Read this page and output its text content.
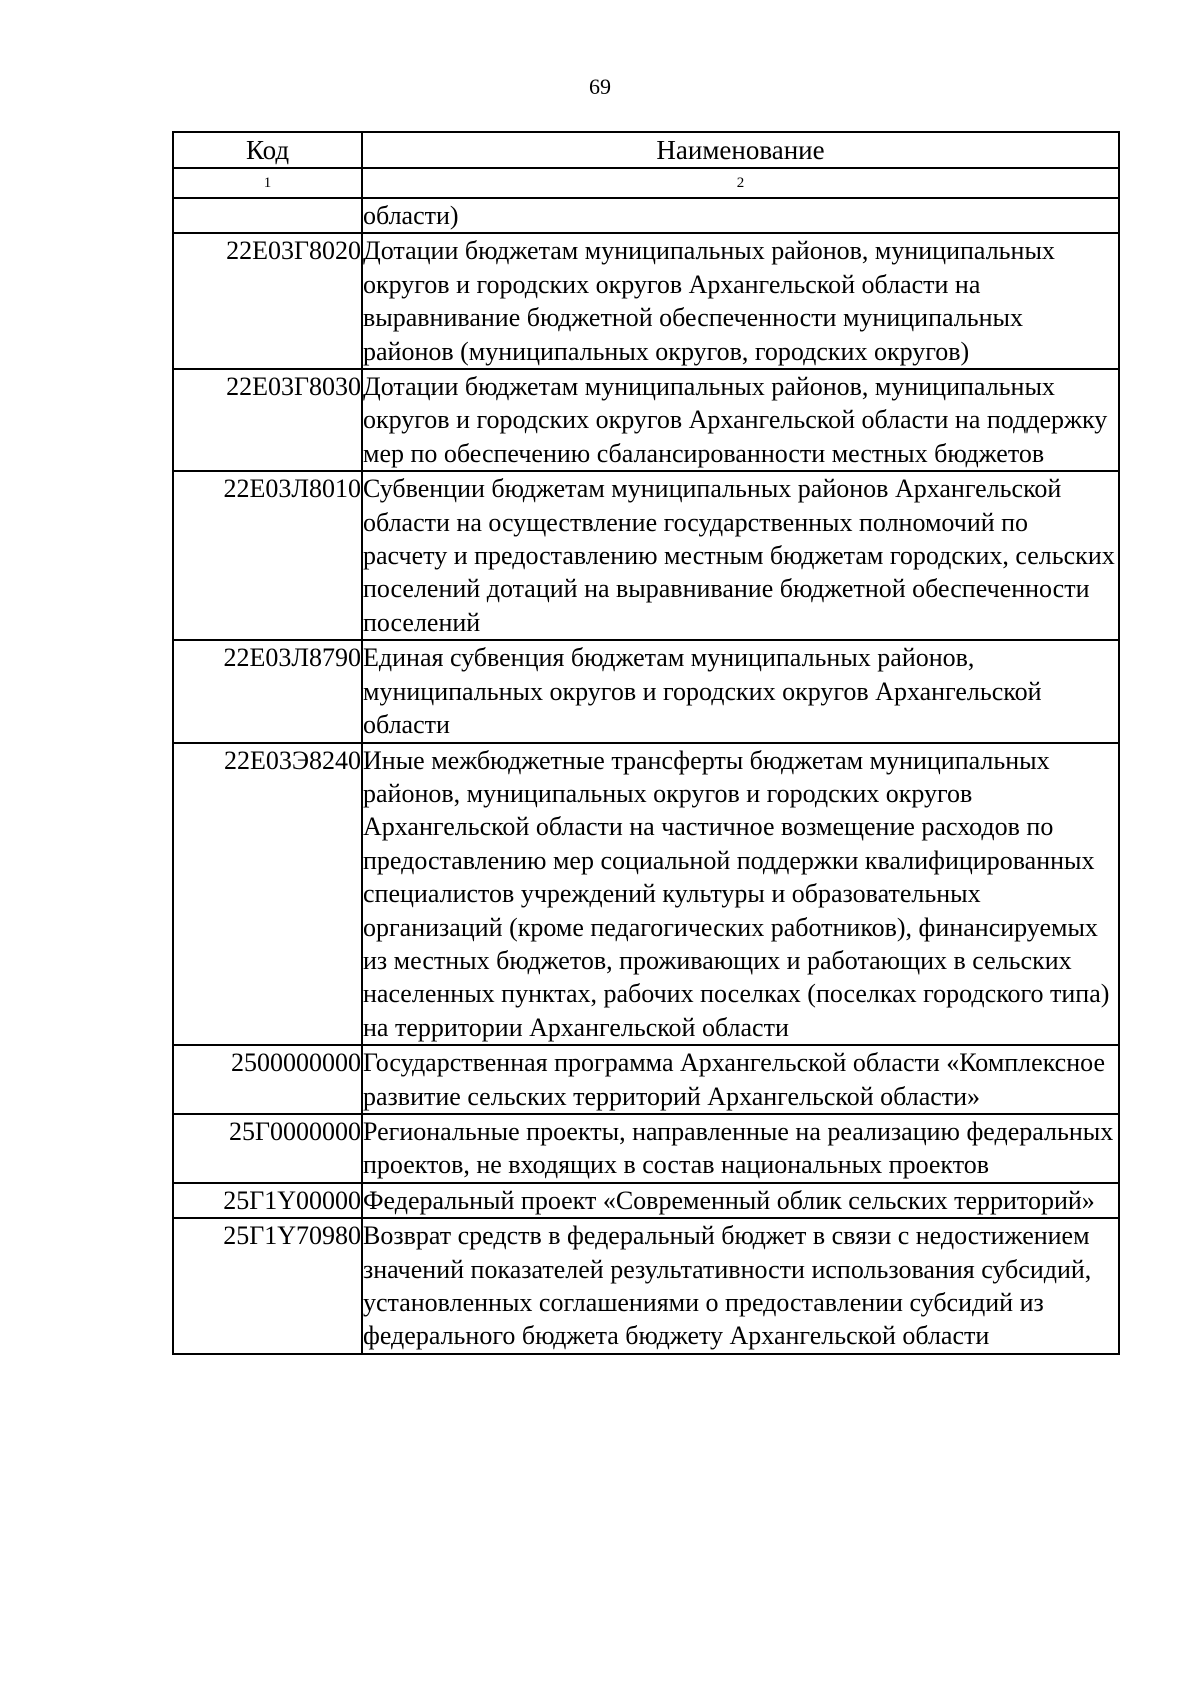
69
Код	Наименование
1	2
	области)
22Е03Г8020	Дотации бюджетам муниципальных районов, муниципальных округов и городских округов Архангельской области на выравнивание бюджетной обеспеченности муниципальных районов (муниципальных округов, городских округов)
22Е03Г8030	Дотации бюджетам муниципальных районов, муниципальных округов и городских округов Архангельской области на поддержку мер по обеспечению сбалансированности местных бюджетов
22Е03Л8010	Субвенции бюджетам муниципальных районов Архангельской области на осуществление государственных полномочий по расчету и предоставлению местным бюджетам городских, сельских поселений дотаций на выравнивание бюджетной обеспеченности поселений
22Е03Л8790	Единая субвенция бюджетам муниципальных районов, муниципальных округов и городских округов Архангельской области
22Е03Э8240	Иные межбюджетные трансферты бюджетам муниципальных районов, муниципальных округов и городских округов Архангельской области на частичное возмещение расходов по предоставлению мер социальной поддержки квалифицированных специалистов учреждений культуры и образовательных организаций (кроме педагогических работников), финансируемых из местных бюджетов, проживающих и работающих в сельских населенных пунктах, рабочих поселках (поселках городского типа) на территории Архангельской области
2500000000	Государственная программа Архангельской области «Комплексное развитие сельских территорий Архангельской области»
25Г0000000	Региональные проекты, направленные на реализацию федеральных проектов, не входящих в состав национальных проектов
25Г1Y00000	Федеральный проект «Современный облик сельских территорий»
25Г1Y70980	Возврат средств в федеральный бюджет в связи с недостижением значений показателей результативности использования субсидий, установленных соглашениями о предоставлении субсидий из федерального бюджета бюджету Архангельской области
